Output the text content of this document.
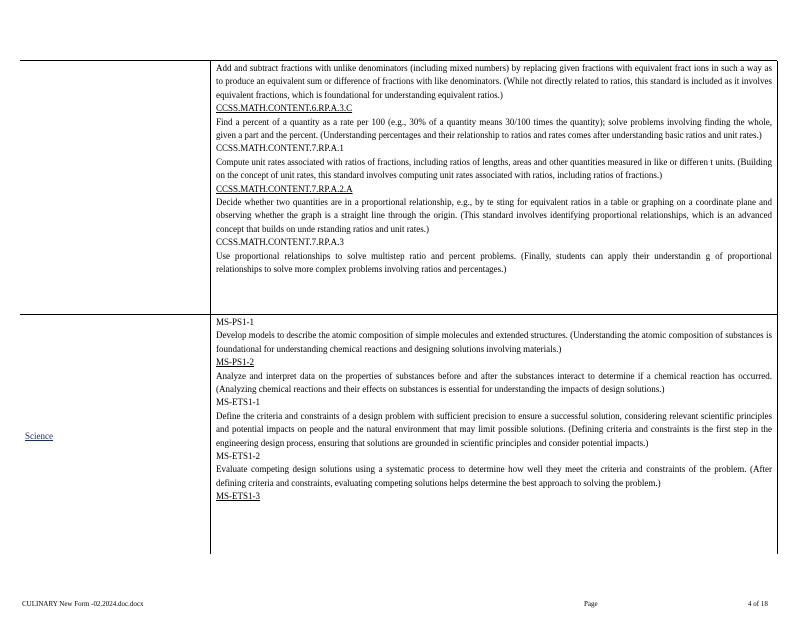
Add and subtract fractions with unlike denominators (including mixed numbers) by replacing given fractions with equivalent fract ions in such a way as to produce an equivalent sum or difference of fractions with like denominators. (While not directly related to ratios, this standard is included as it involves equivalent fractions, which is foundational for understanding equivalent ratios.)

CCSS.MATH.CONTENT.6.RP.A.3.C

Find a percent of a quantity as a rate per 100 (e.g., 30% of a quantity means 30/100 times the quantity); solve problems involving finding the whole, given a part and the percent. (Understanding percentages and their relationship to ratios and rates comes after understanding basic ratios and unit rates.)

CCSS.MATH.CONTENT.7.RP.A.1

Compute unit rates associated with ratios of fractions, including ratios of lengths, areas and other quantities measured in like or differen t units. (Building on the concept of unit rates, this standard involves computing unit rates associated with ratios, including ratios of fractions.)

CCSS.MATH.CONTENT.7.RP.A.2.A

Decide whether two quantities are in a proportional relationship, e.g., by te sting for equivalent ratios in a table or graphing on a coordinate plane and observing whether the graph is a straight line through the origin. (This standard involves identifying proportional relationships, which is an advanced concept that builds on unde rstanding ratios and unit rates.)

CCSS.MATH.CONTENT.7.RP.A.3

Use proportional relationships to solve multistep ratio and percent problems. (Finally, students can apply their understandin g of proportional relationships to solve more complex problems involving ratios and percentages.)

Science

MS-PS1-1

Develop models to describe the atomic composition of simple molecules and extended structures. (Understanding the atomic composition of substances is foundational for understanding chemical reactions and designing solutions involving materials.)

MS-PS1-2

Analyze and interpret data on the properties of substances before and after the substances interact to determine if a chemical reaction has occurred. (Analyzing chemical reactions and their effects on substances is essential for understanding the impacts of design solutions.)

MS-ETS1-1

Define the criteria and constraints of a design problem with sufficient precision to ensure a successful solution, considering relevant scientific principles and potential impacts on people and the natural environment that may limit possible solutions. (Defining criteria and constraints is the first step in the engineering design process, ensuring that solutions are grounded in scientific principles and consider potential impacts.)

MS-ETS1-2

Evaluate competing design solutions using a systematic process to determine how well they meet the criteria and constraints of the problem. (After defining criteria and constraints, evaluating competing solutions helps determine the best approach to solving the problem.)

MS-ETS1-3

CULINARY New Form -02.2024.doc.docx	Page	4 of 18
